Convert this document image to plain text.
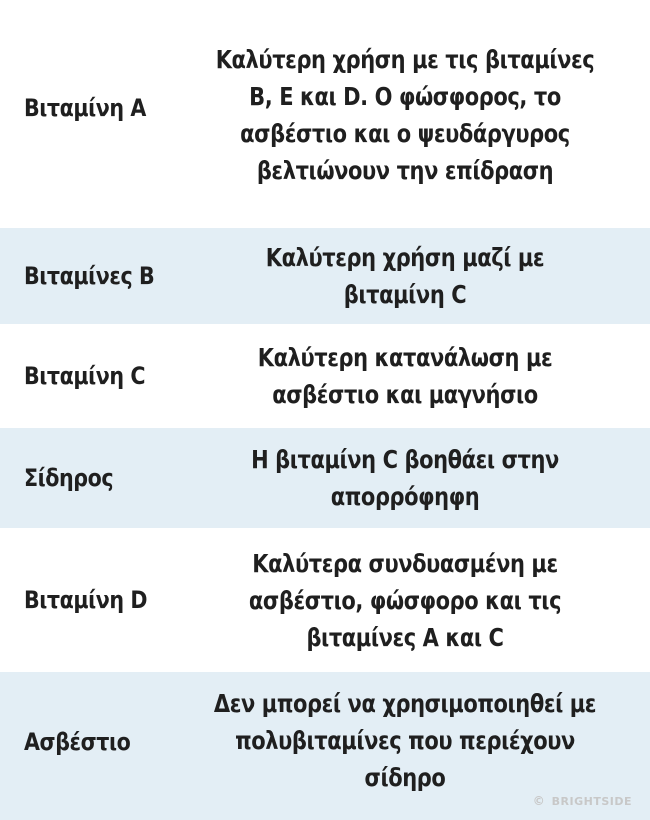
Βιταμίνη Α
Καλύτερη χρήση με τις βιταμίνες
Β, Ε και D. Ο φώσφορος, το
ασβέστιο και ο ψευδάργυρος
βελτιώνουν την επίδραση
Βιταμίνες Β
Καλύτερη χρήση μαζί με
βιταμίνη C
Βιταμίνη C
Καλύτερη κατανάλωση με
ασβέστιο και μαγνήσιο
Σίδηρος
Η βιταμίνη C βοηθάει στην
απορρόφηφη
Βιταμίνη D
Καλύτερα συνδυασμένη με
ασβέστιο, φώσφορο και τις
βιταμίνες Α και C
Ασβέστιο
Δεν μπορεί να χρησιμοποιηθεί με
πολυβιταμίνες που περιέχουν σίδηρο
© BRIGHTSIDE
